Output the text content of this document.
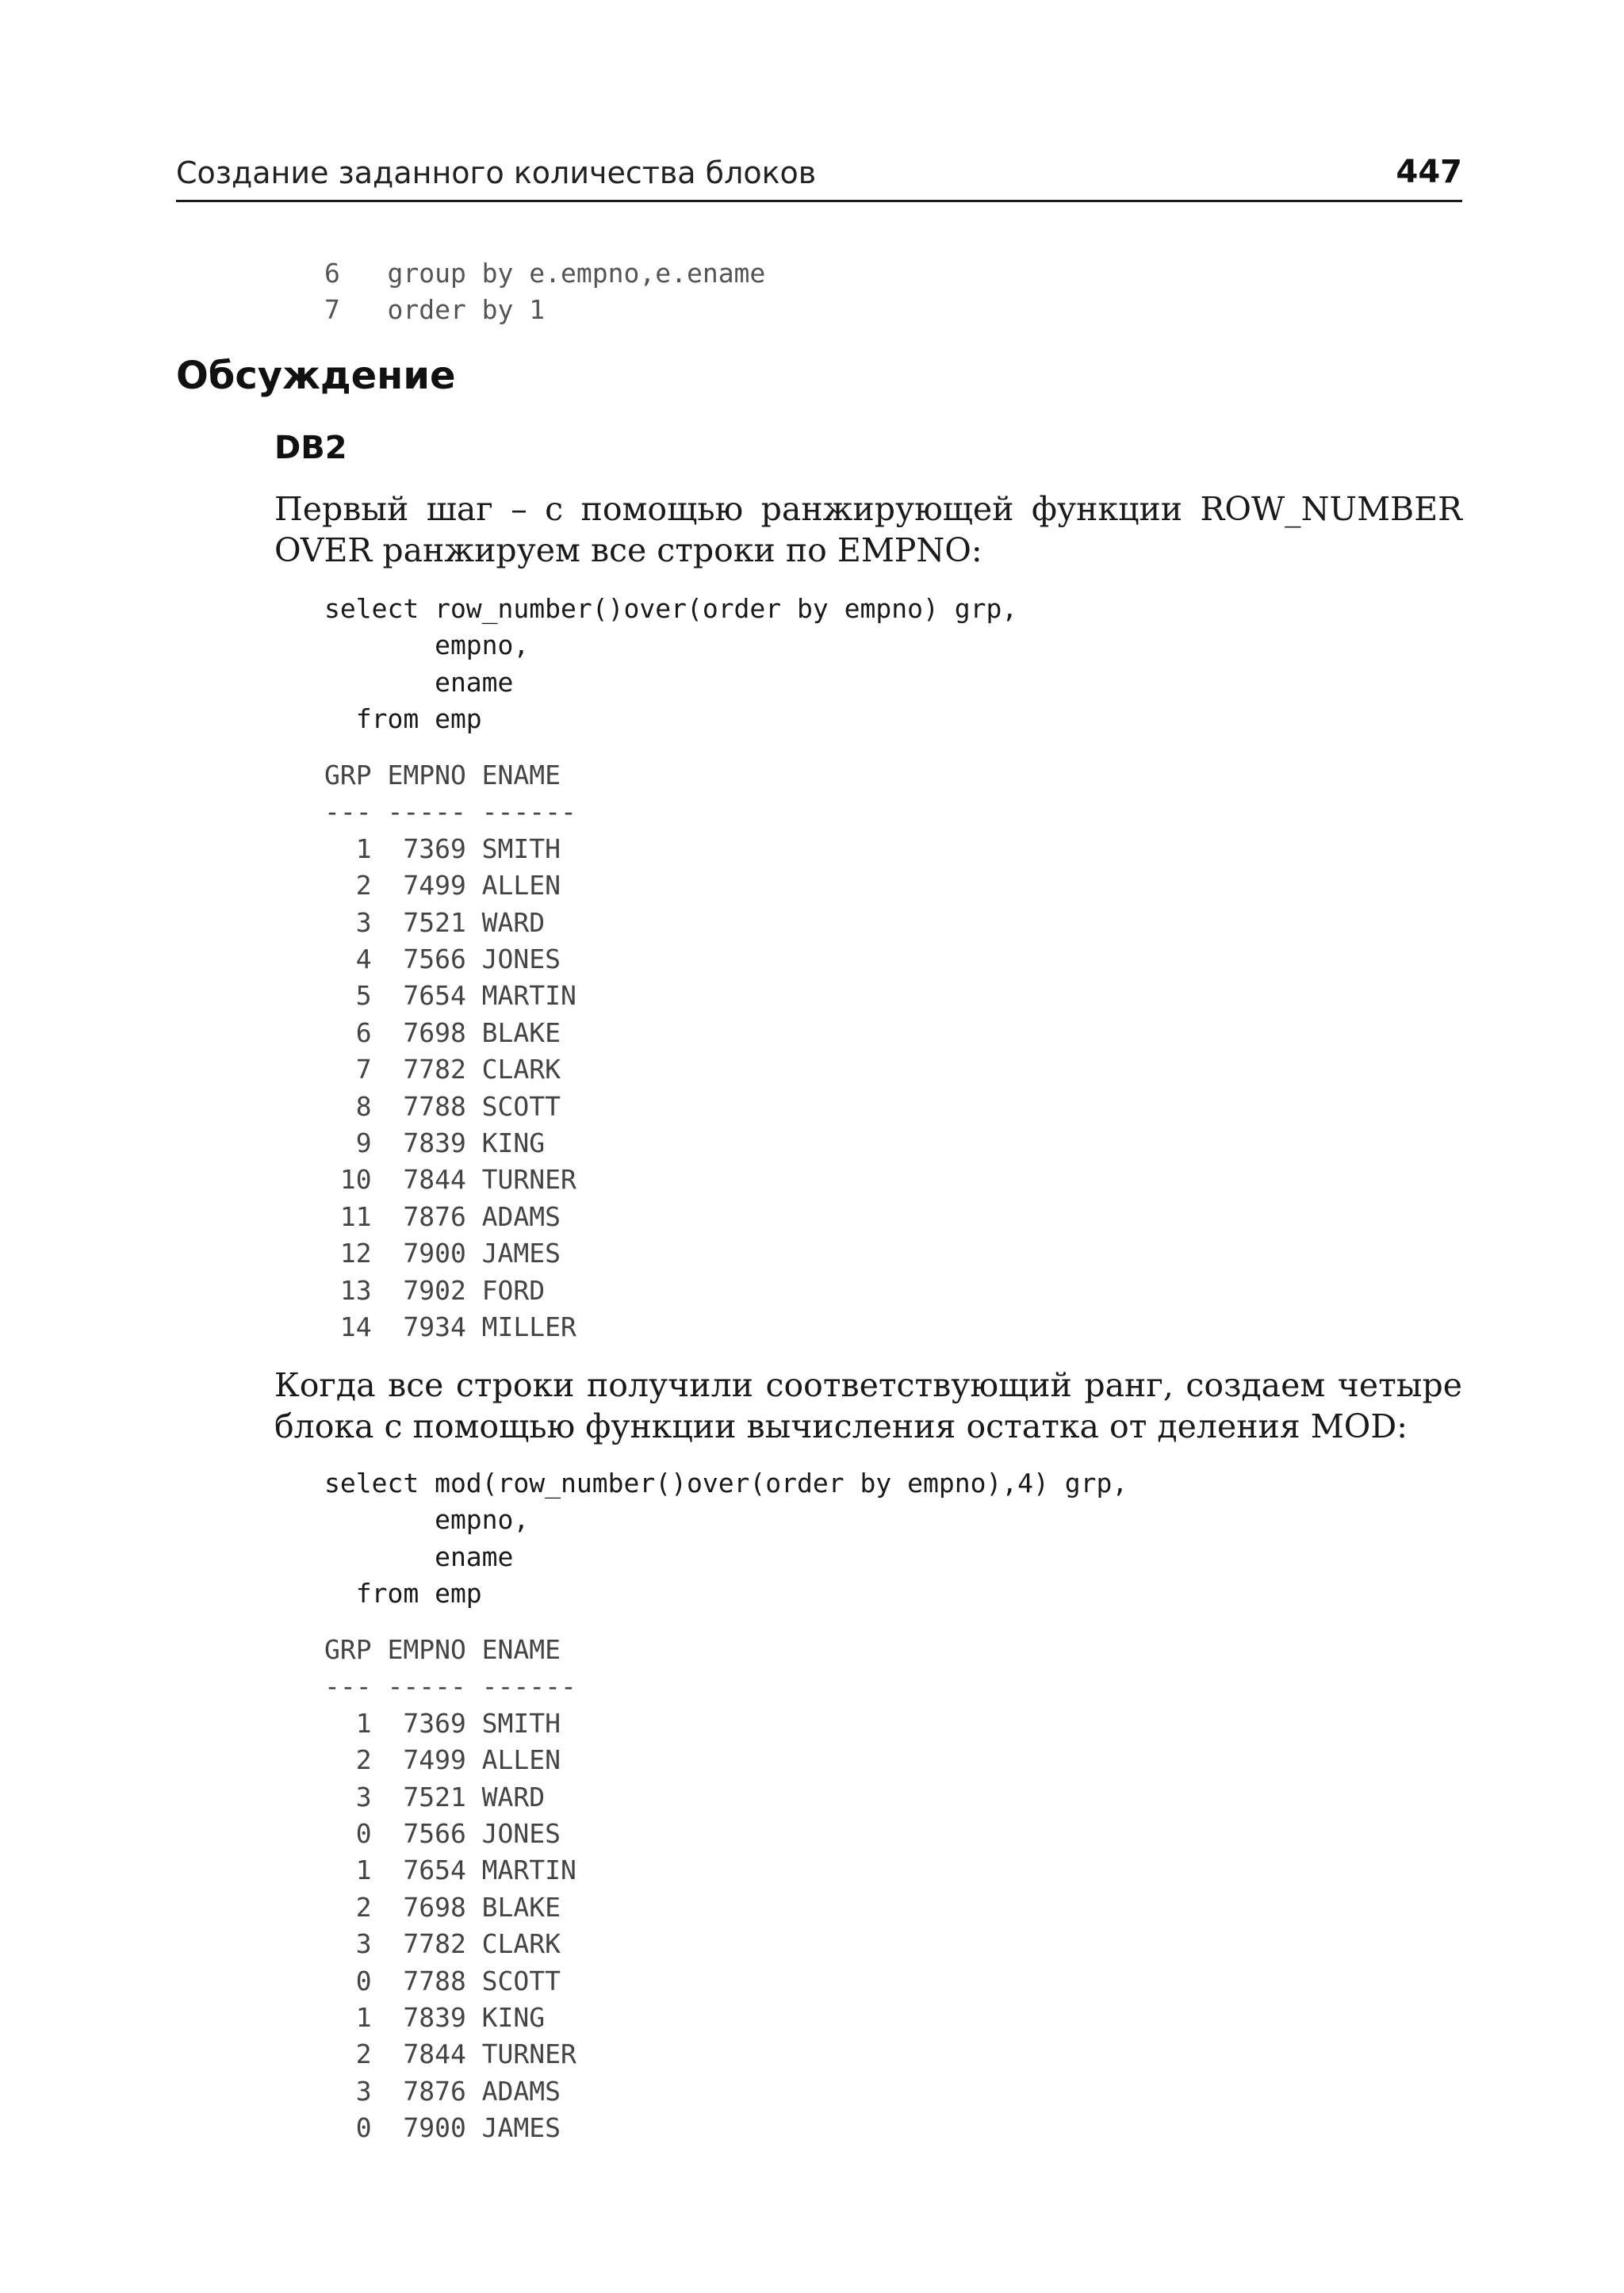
Создание заданного количества блоков	447
6   group by e.empno,e.ename
7   order by 1
Обсуждение
DB2

Первый шаг – с помощью ранжирующей функции ROW_NUMBER OVER ранжируем все строки по EMPNO:

select row_number()over(order by empno) grp,
empno,
ename
from emp
GRP EMPNO ENAME
--- ----- ------
1  7369 SMITH
2  7499 ALLEN
3  7521 WARD
4  7566 JONES
5  7654 MARTIN
6  7698 BLAKE
7  7782 CLARK
8  7788 SCOTT
9  7839 KING
10  7844 TURNER
11  7876 ADAMS
12  7900 JAMES
13  7902 FORD
14  7934 MILLER

Когда все строки получили соответствующий ранг, создаем четыре блока с помощью функции вычисления остатка от деления MOD:

select mod(row_number()over(order by empno),4) grp,
empno,
ename
from emp
GRP EMPNO ENAME
--- ----- ------
1  7369 SMITH
2  7499 ALLEN
3  7521 WARD
0  7566 JONES
1  7654 MARTIN
2  7698 BLAKE
3  7782 CLARK
0  7788 SCOTT
1  7839 KING
2  7844 TURNER
3  7876 ADAMS
0  7900 JAMES
